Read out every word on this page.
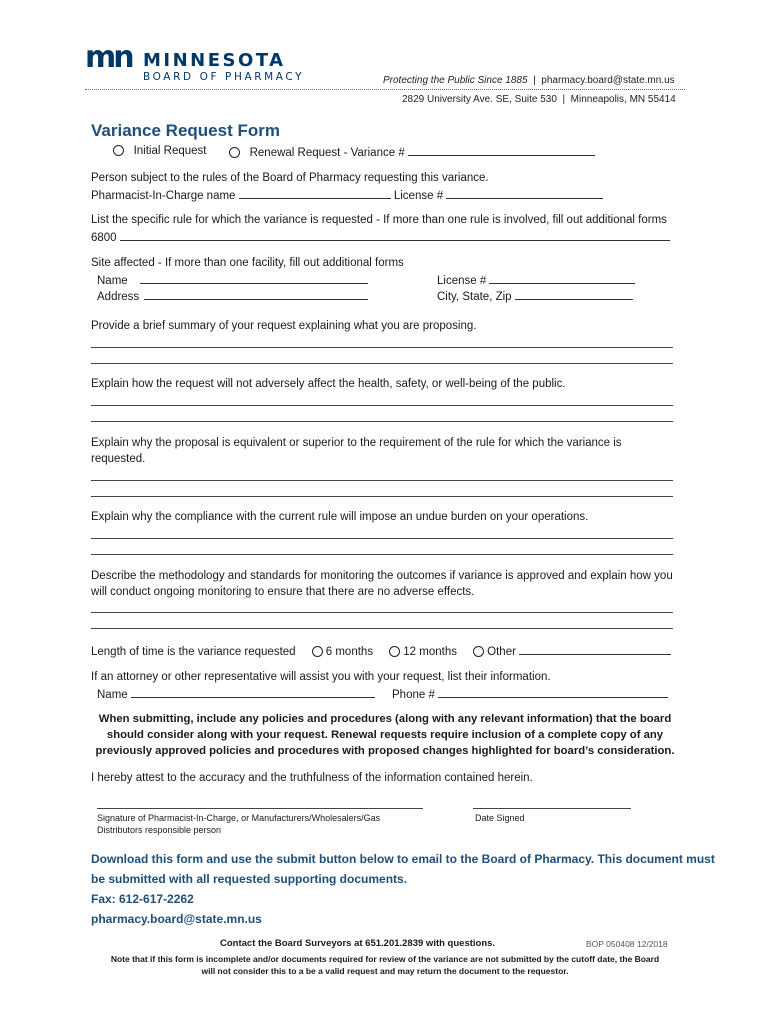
mn MINNESOTA
BOARD OF PHARMACY	Protecting the Public Since 1885 | pharmacy.board@state.mn.us
2829 University Ave. SE, Suite 530 | Minneapolis, MN 55414
Variance Request Form
Initial Request	Renewal Request - Variance #
Person subject to the rules of the Board of Pharmacy requesting this variance.
Pharmacist-In-Charge name	License #
List the specific rule for which the variance is requested - If more than one rule is involved, fill out additional forms
6800
Site affected - If more than one facility, fill out additional forms
Name	License #
Address	City, State, Zip
Provide a brief summary of your request explaining what you are proposing.
Explain how the request will not adversely affect the health, safety, or well-being of the public.
Explain why the proposal is equivalent or superior to the requirement of the rule for which the variance is
requested.
Explain why the compliance with the current rule will impose an undue burden on your operations.
Describe the methodology and standards for monitoring the outcomes if variance is approved and explain how you
will conduct ongoing monitoring to ensure that there are no adverse effects.
Length of time is the variance requested	6 months	12 months	Other
If an attorney or other representative will assist you with your request, list their information.
Name	Phone #
When submitting, include any policies and procedures (along with any relevant information) that the board
should consider along with your request. Renewal requests require inclusion of a complete copy of any
previously approved policies and procedures with proposed changes highlighted for board’s consideration.
I hereby attest to the accuracy and the truthfulness of the information contained herein.
Signature of Pharmacist-In-Charge, or Manufacturers/Wholesalers/Gas
Distributors responsible person
Date Signed
Download this form and use the submit button below to email to the Board of Pharmacy. This document must
be submitted with all requested supporting documents.
Fax: 612-617-2262
pharmacy.board@state.mn.us
Contact the Board Surveyors at 651.201.2839 with questions.	BOP 050408 12/2018
Note that if this form is incomplete and/or documents required for review of the variance are not submitted by the cutoff date, the Board
will not consider this to a be a valid request and may return the document to the requestor.
